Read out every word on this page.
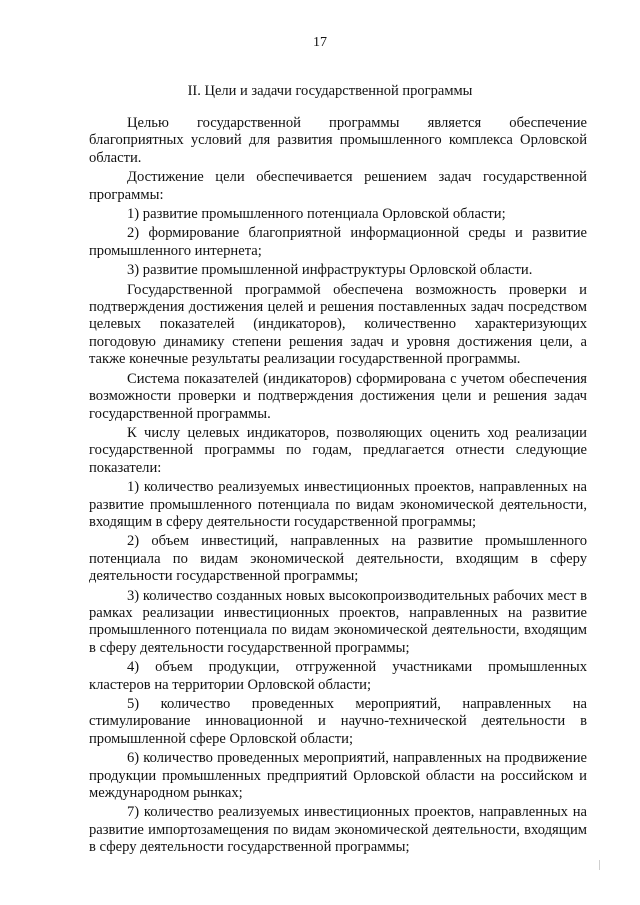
17
II. Цели и задачи государственной программы

Целью государственной программы является обеспечение благоприятных условий для развития промышленного комплекса Орловской области.

Достижение цели обеспечивается решением задач государственной программы:

1) развитие промышленного потенциала Орловской области;

2) формирование благоприятной информационной среды и развитие промышленного интернета;

3) развитие промышленной инфраструктуры Орловской области.

Государственной программой обеспечена возможность проверки и подтверждения достижения целей и решения поставленных задач посредством целевых показателей (индикаторов), количественно характеризующих погодовую динамику степени решения задач и уровня достижения цели, а также конечные результаты реализации государственной программы.

Система показателей (индикаторов) сформирована с учетом обеспечения возможности проверки и подтверждения достижения цели и решения задач государственной программы.

К числу целевых индикаторов, позволяющих оценить ход реализации государственной программы по годам, предлагается отнести следующие показатели:

1) количество реализуемых инвестиционных проектов, направленных на развитие промышленного потенциала по видам экономической деятельности, входящим в сферу деятельности государственной программы;

2) объем инвестиций, направленных на развитие промышленного потенциала по видам экономической деятельности, входящим в сферу деятельности государственной программы;

3) количество созданных новых высокопроизводительных рабочих мест в рамках реализации инвестиционных проектов, направленных на развитие промышленного потенциала по видам экономической деятельности, входящим в сферу деятельности государственной программы;

4) объем продукции, отгруженной участниками промышленных кластеров на территории Орловской области;

5) количество проведенных мероприятий, направленных на стимулирование инновационной и научно-технической деятельности в промышленной сфере Орловской области;

6) количество проведенных мероприятий, направленных на продвижение продукции промышленных предприятий Орловской области на российском и международном рынках;

7) количество реализуемых инвестиционных проектов, направленных на развитие импортозамещения по видам экономической деятельности, входящим в сферу деятельности государственной программы;
